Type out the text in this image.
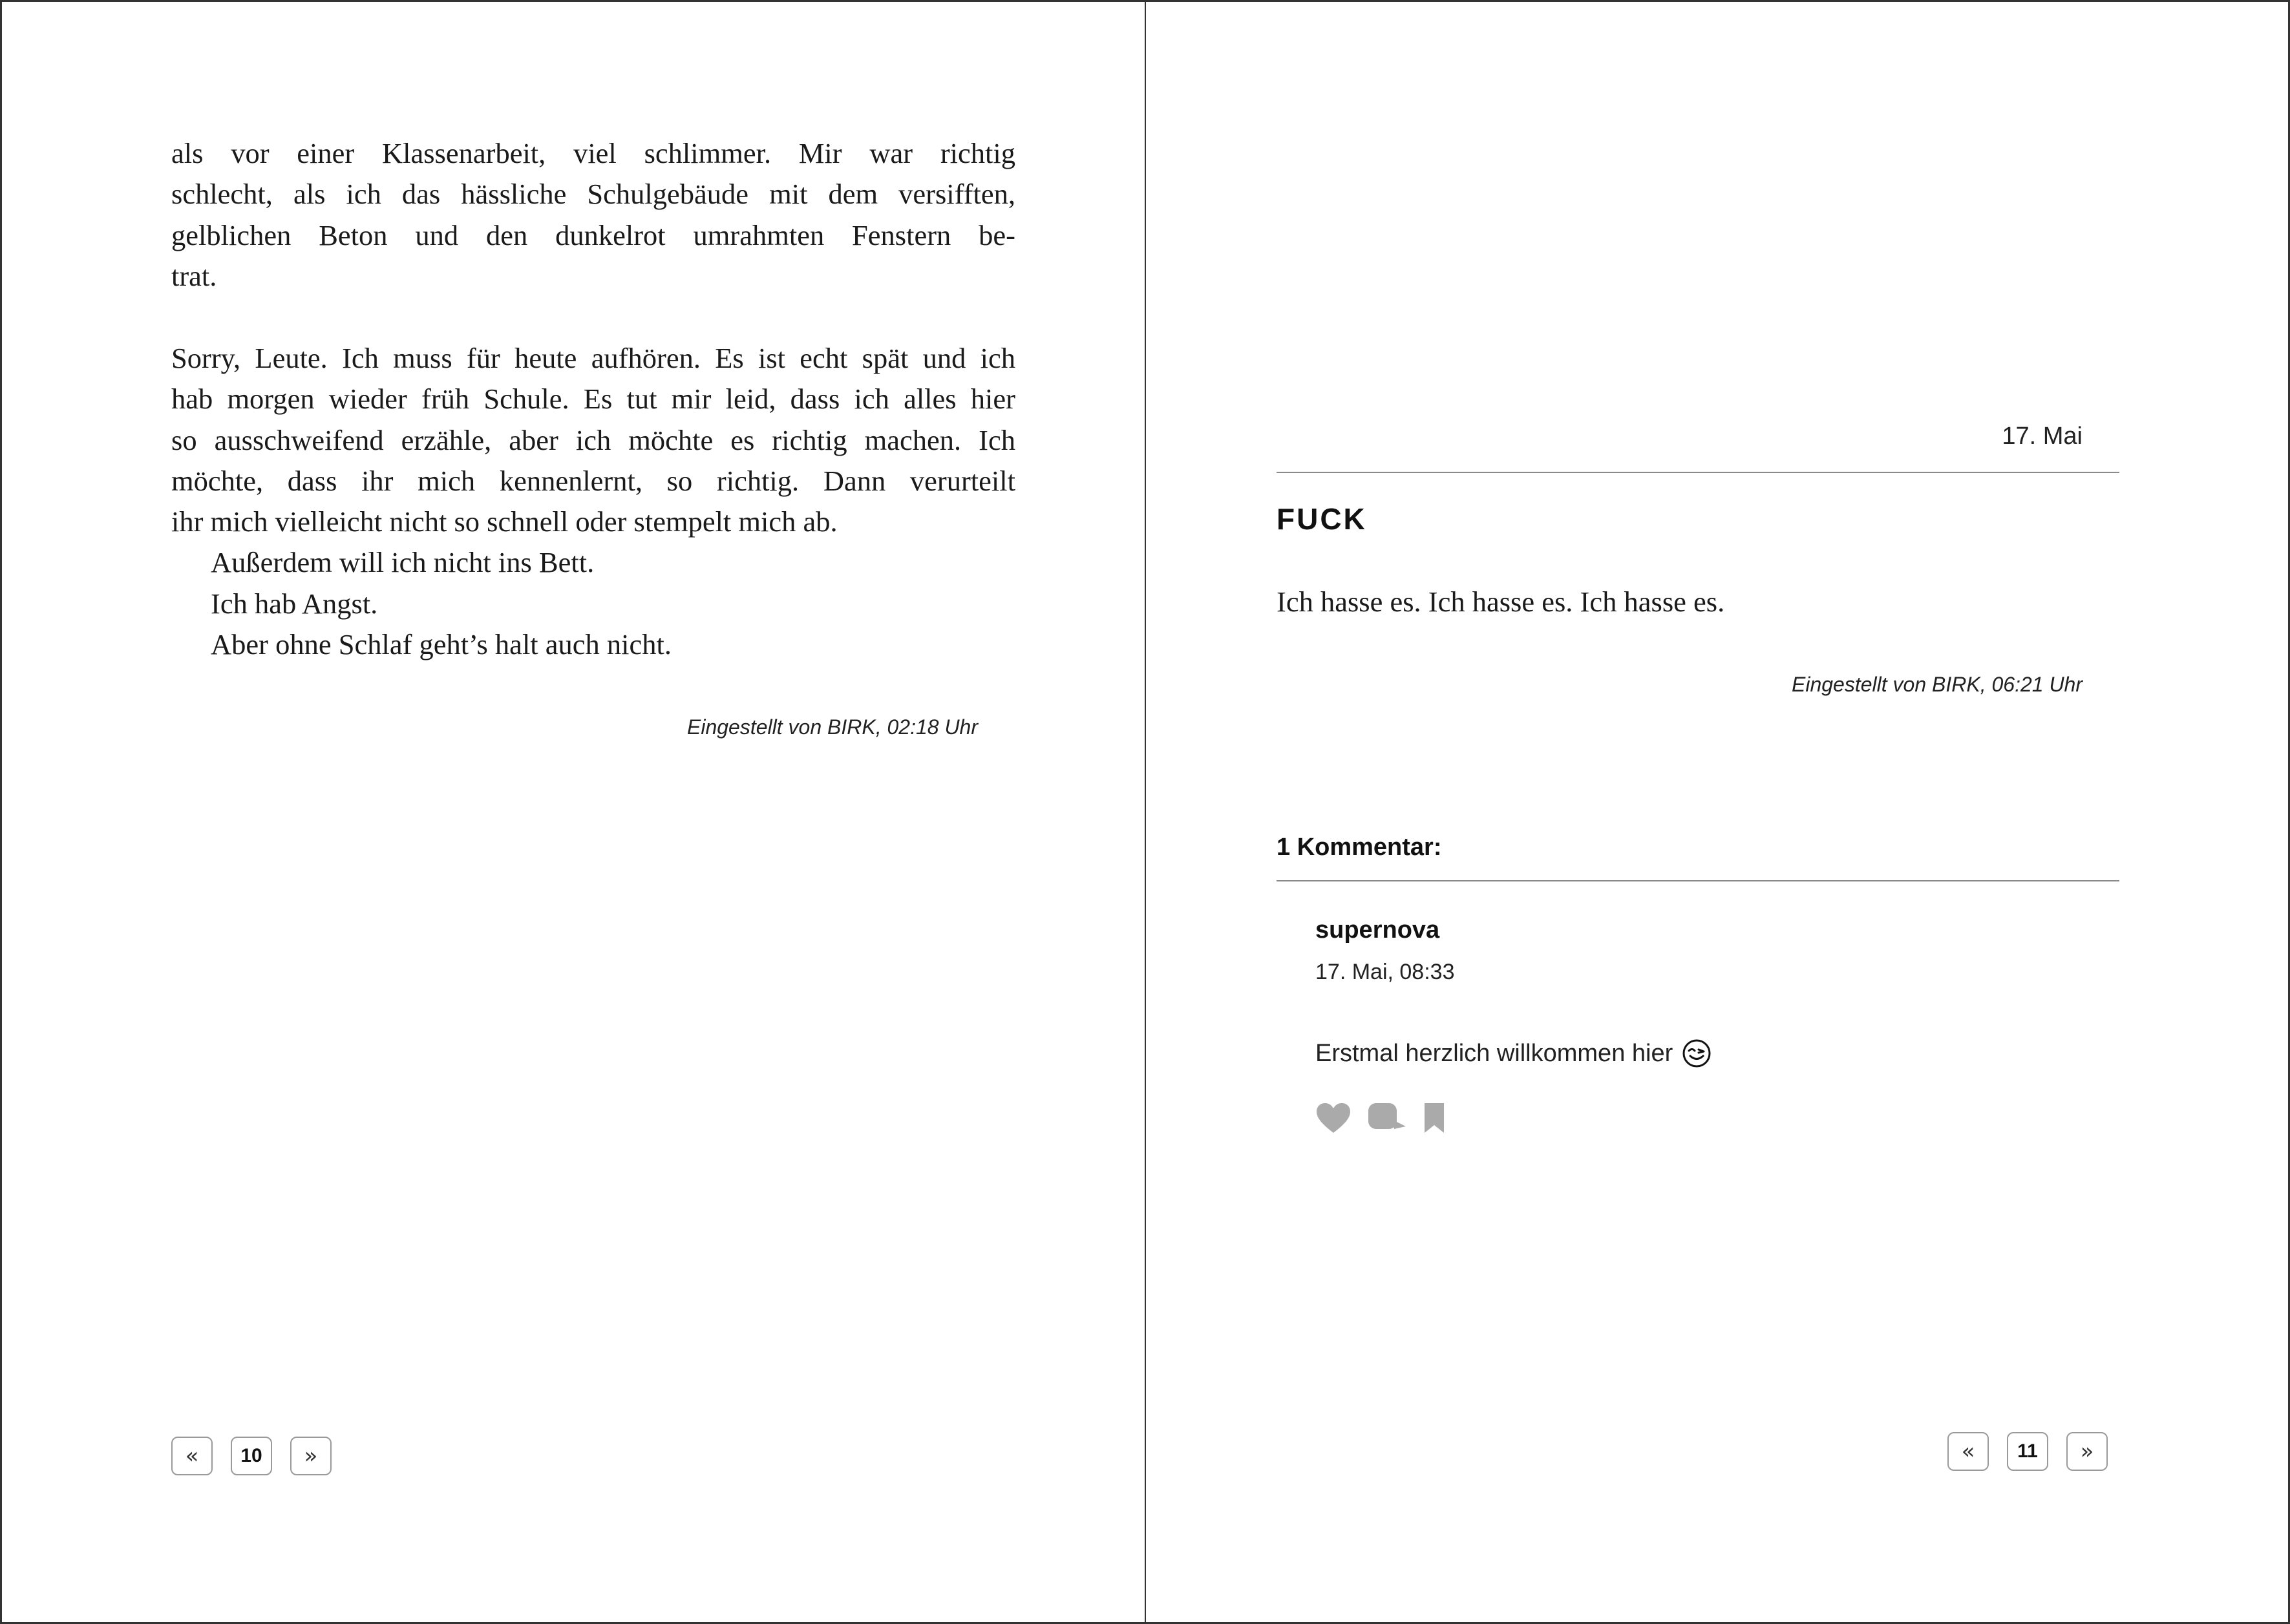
als vor einer Klassenarbeit, viel schlimmer. Mir war richtig

schlecht, als ich das hässliche Schulgebäude mit dem versifften,

gelblichen Beton und den dunkelrot umrahmten Fenstern be-

trat.

Sorry, Leute. Ich muss für heute aufhören. Es ist echt spät und ich

hab morgen wieder früh Schule. Es tut mir leid, dass ich alles hier

so ausschweifend erzähle, aber ich möchte es richtig machen. Ich

möchte, dass ihr mich kennenlernt, so richtig. Dann verurteilt

ihr mich vielleicht nicht so schnell oder stempelt mich ab.

Außerdem will ich nicht ins Bett.

Ich hab Angst.

Aber ohne Schlaf geht’s halt auch nicht.

Eingestellt von BIRK, 02:18 Uhr
«	10	»
17. Mai
FUCK
Ich hasse es. Ich hasse es. Ich hasse es.
Eingestellt von BIRK, 06:21 Uhr
1 Kommentar:
supernova
17. Mai, 08:33
Erstmal herzlich willkommen hier
«	11	»
